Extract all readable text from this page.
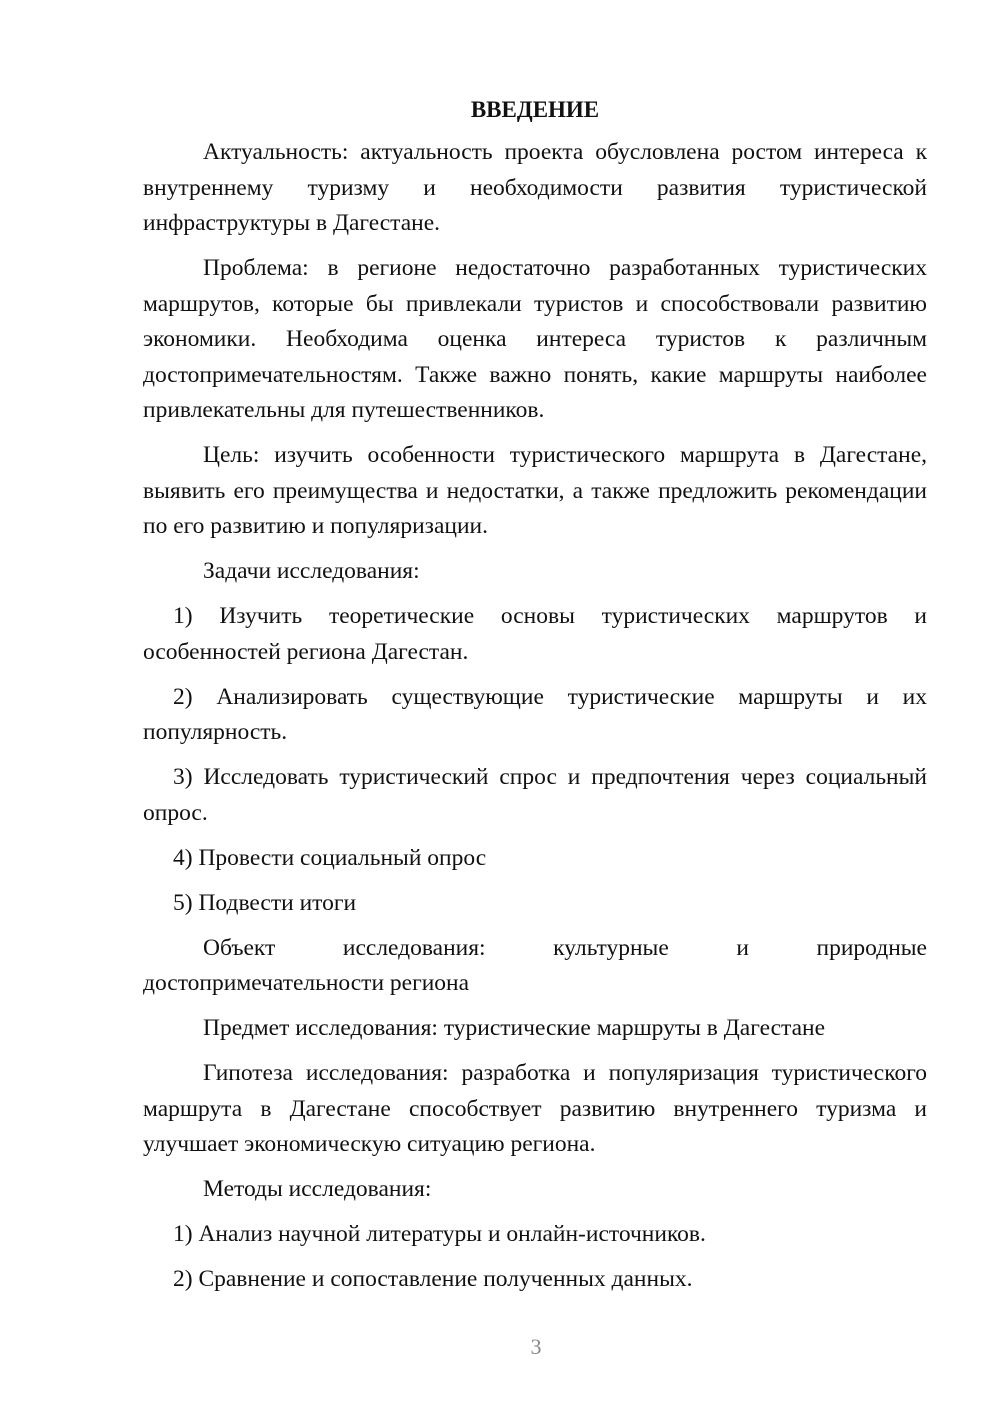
ВВЕДЕНИЕ

Актуальность: актуальность проекта обусловлена ростом интереса к внутреннему туризму и необходимости развития туристической инфраструктуры в Дагестане.

Проблема: в регионе недостаточно разработанных туристических маршрутов, которые бы привлекали туристов и способствовали развитию экономики. Необходима оценка интереса туристов к различным достопримечательностям. Также важно понять, какие маршруты наиболее привлекательны для путешественников.

Цель: изучить особенности туристического маршрута в Дагестане, выявить его преимущества и недостатки, а также предложить рекомендации по его развитию и популяризации.

Задачи исследования:

1) Изучить теоретические основы туристических маршрутов и особенностей региона Дагестан.

2) Анализировать существующие туристические маршруты и их популярность.

3) Исследовать туристический спрос и предпочтения через социальный опрос.

4) Провести социальный опрос

5) Подвести итоги

Объект исследования: культурные и природные достопримечательности региона

Предмет исследования: туристические маршруты в Дагестане

Гипотеза исследования: разработка и популяризация туристического маршрута в Дагестане способствует развитию внутреннего туризма и улучшает экономическую ситуацию региона.

Методы исследования:

1) Анализ научной литературы и онлайн-источников.

2) Сравнение и сопоставление полученных данных.

3
